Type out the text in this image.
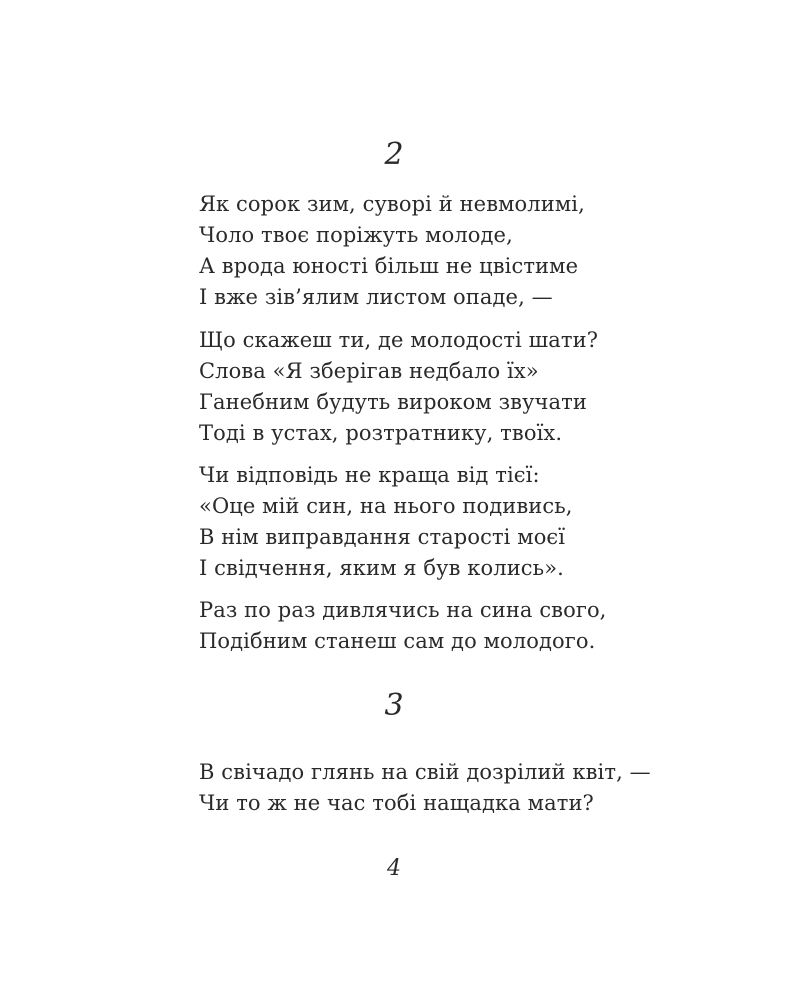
2
Як сорок зим, суворі й невмолимі,
Чоло твоє поріжуть молоде,
А врода юності більш не цвістиме
І вже зів’ялим листом опаде, —
Що скажеш ти, де молодості шати?
Слова «Я зберігав недбало їх»
Ганебним будуть вироком звучати
Тоді в устах, розтратнику, твоїх.
Чи відповідь не краща від тієї:
«Оце мій син, на нього подивись,
В нім виправдання старості моєї
І свідчення, яким я був колись».
Раз по раз дивлячись на сина свого,
Подібним станеш сам до молодого.
3
В свічадо глянь на свій дозрілий квіт, —
Чи то ж не час тобі нащадка мати?
4
